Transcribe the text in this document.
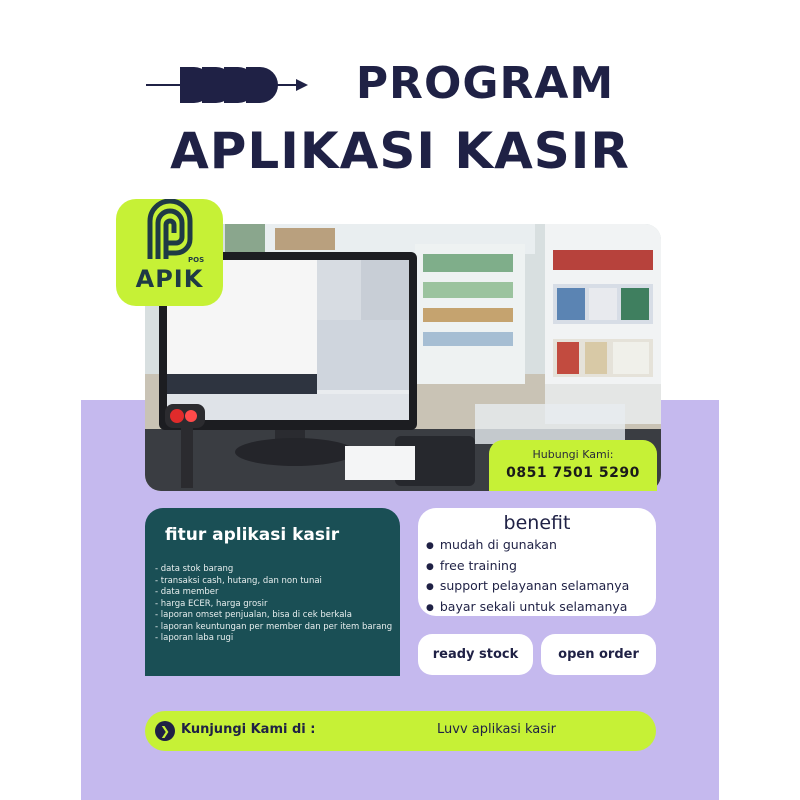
PROGRAM
APLIKASI KASIR
POS
APIK
Hubungi Kami:
0851 7501 5290
fitur aplikasi kasir
- data stok barang
- transaksi cash, hutang, dan non tunai
- data member
- harga ECER, harga grosir
- laporan omset penjualan, bisa di cek berkala
- laporan keuntungan per member dan per item barang
- laporan laba rugi
benefit
● mudah di gunakan
● free training
● support pelayanan selamanya
● bayar sekali untuk selamanya
ready stock	open order
❯ Kunjungi Kami di :	Luvv aplikasi kasir
